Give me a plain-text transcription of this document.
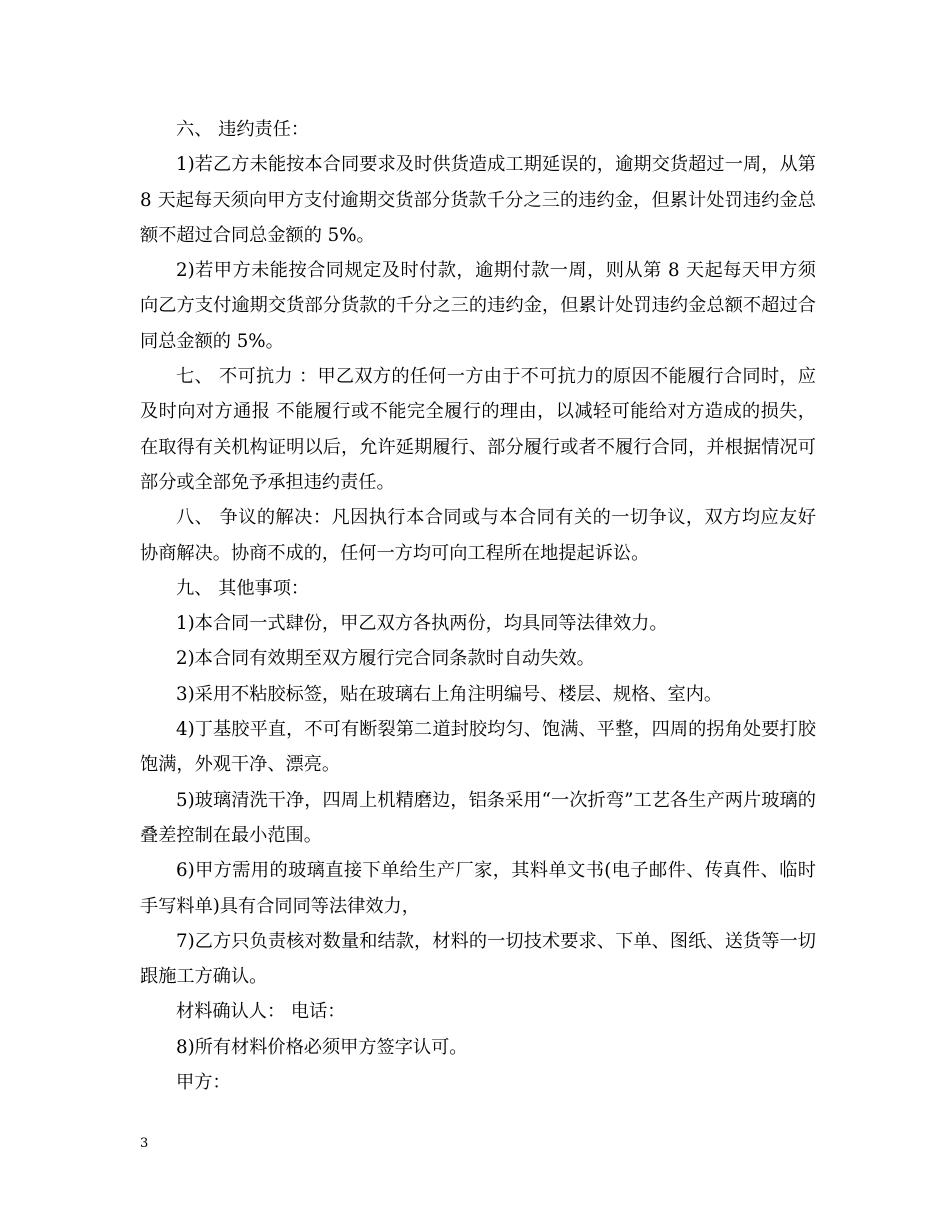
六、 违约责任：

1)若乙方未能按本合同要求及时供货造成工期延误的，逾期交货超过一周，从第 8 天起每天须向甲方支付逾期交货部分货款千分之三的违约金，但累计处罚违约金总额不超过合同总金额的 5%。

2)若甲方未能按合同规定及时付款，逾期付款一周，则从第 8 天起每天甲方须向乙方支付逾期交货部分货款的千分之三的违约金，但累计处罚违约金总额不超过合同总金额的 5%。

七、 不可抗力 ：甲乙双方的任何一方由于不可抗力的原因不能履行合同时，应及时向对方通报 不能履行或不能完全履行的理由，以减轻可能给对方造成的损失，在取得有关机构证明以后，允许延期履行、部分履行或者不履行合同，并根据情况可部分或全部免予承担违约责任。

八、 争议的解决：凡因执行本合同或与本合同有关的一切争议，双方均应友好协商解决。协商不成的，任何一方均可向工程所在地提起诉讼。

九、 其他事项：

1)本合同一式肆份，甲乙双方各执两份，均具同等法律效力。

2)本合同有效期至双方履行完合同条款时自动失效。

3)采用不粘胶标签，贴在玻璃右上角注明编号、楼层、规格、室内。

4)丁基胶平直，不可有断裂第二道封胶均匀、饱满、平整，四周的拐角处要打胶饱满，外观干净、漂亮。

5)玻璃清洗干净，四周上机精磨边，铝条采用“一次折弯”工艺各生产两片玻璃的叠差控制在最小范围。

6)甲方需用的玻璃直接下单给生产厂家，其料单文书(电子邮件、传真件、临时手写料单)具有合同同等法律效力，

7)乙方只负责核对数量和结款，材料的一切技术要求、下单、图纸、送货等一切跟施工方确认。

材料确认人： 电话：

8)所有材料价格必须甲方签字认可。

甲方：

3
